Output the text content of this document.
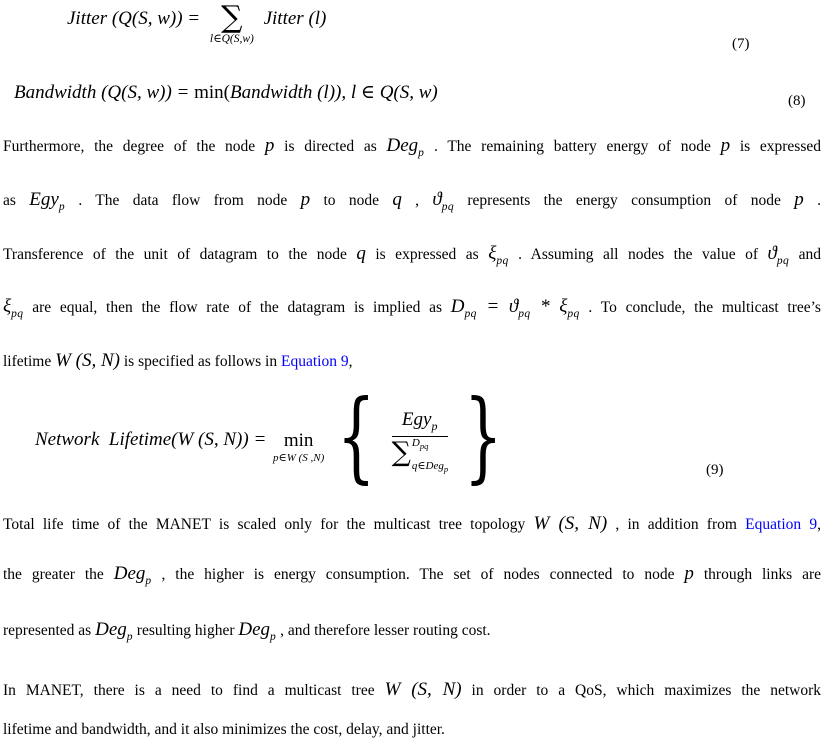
Jitter (Q(S, w)) = ∑
l∈Q(S,w)
Jitter (l)
(7)
Bandwidth (Q(S, w)) = min( Bandwidth (l)), l ∈ Q(S, w)	(8)
Furthermore, the degree of the node p is directed as Deg$_p$ . The remaining battery energy of node p is expressed
as Egy$_p$ . The data flow from node p to node q , $ϑ_{pq}$ represents the energy consumption of node p .
Transference of the unit of datagram to the node q is expressed as $\xi_{pq}$ . Assuming all nodes the value of $ϑ_{pq}$ and
$\xi_{pq}$ are equal, then the flow rate of the datagram is implied as $D_{pq} = ϑ_{pq} * \xi_{pq}$ . To conclude, the multicast tree’s
lifetime W (S, N) is specified as follows in Equation 9,
Network  Lifetime(W (S, N)) = min
p∈W (S ,N) { Egy$_p$
∑ $D_{pq}$
q∈Deg$_p$ }	(9)
Total life time of the MANET is scaled only for the multicast tree topology W (S, N) , in addition from Equation 9,
the greater the Deg$_p$ , the higher is energy consumption. The set of nodes connected to node p through links are
represented as Deg$_p$ resulting higher Deg$_p$ , and therefore lesser routing cost.
In MANET, there is a need to find a multicast tree W (S, N) in order to a QoS, which maximizes the network
lifetime and bandwidth, and it also minimizes the cost, delay, and jitter.
